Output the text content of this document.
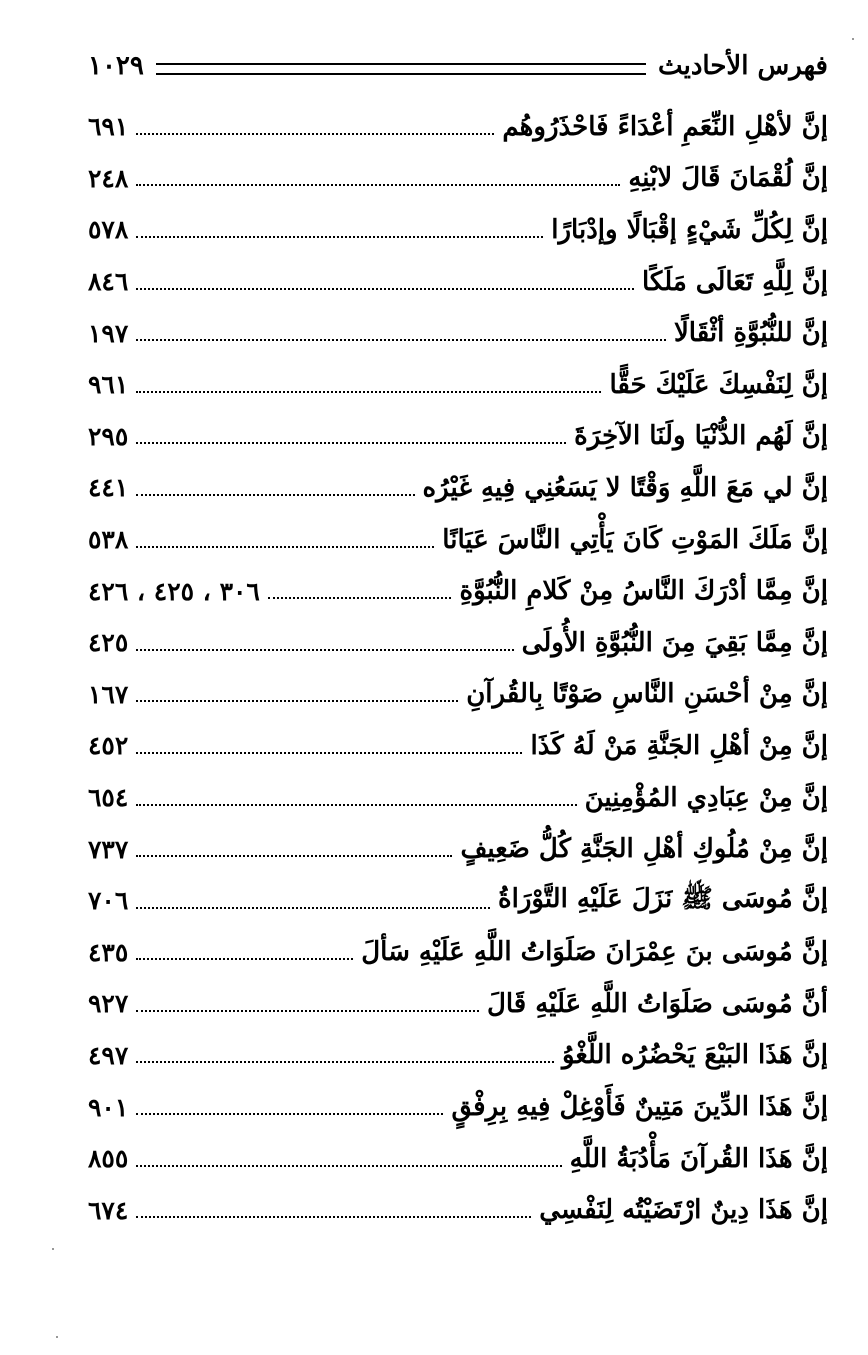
فهرس الأحاديث
١٠٢٩
إنَّ لأهْلِ النِّعَمِ أعْدَاءً فَاحْذَرُوهُم
٦٩١
إنَّ لُقْمَانَ قَالَ لابْنِهِ
٢٤٨
إنَّ لِكُلِّ شَيْءٍ إقْبَالًا وإدْبَارًا
٥٧٨
إنَّ لِلَّهِ تَعَالَى مَلَكًا
٨٤٦
إنَّ للنُّبُوَّةِ أثْقَالًا
١٩٧
إنَّ لِنَفْسِكَ عَلَيْكَ حَقًّا
٩٦١
إنَّ لَهُم الدُّنْيَا ولَنَا الآخِرَةَ
٢٩٥
إنَّ لي مَعَ اللَّهِ وَقْتًا لا يَسَعُنِي فِيهِ غَيْرُه
٤٤١
إنَّ مَلَكَ المَوْتِ كَانَ يَأْتِي النَّاسَ عَيَانًا
٥٣٨
إنَّ مِمَّا أدْرَكَ النَّاسُ مِنْ كَلامِ النُّبُوَّةِ
٣٠٦ ، ٤٢٥ ، ٤٢٦
إنَّ مِمَّا بَقِيَ مِنَ النُّبُوَّةِ الأُولَى
٤٢٥
إنَّ مِنْ أحْسَنِ النَّاسِ صَوْتًا بِالقُرآنِ
١٦٧
إنَّ مِنْ أهْلِ الجَنَّةِ مَنْ لَهُ كَذَا
٤٥٢
إنَّ مِنْ عِبَادِي المُؤْمِنِينَ
٦٥٤
إنَّ مِنْ مُلُوكِ أهْلِ الجَنَّةِ كُلُّ ضَعِيفٍ
٧٣٧
إنَّ مُوسَى ﷺ نَزَلَ عَلَيْهِ التَّوْرَاةُ
٧٠٦
إنَّ مُوسَى بنَ عِمْرَانَ صَلَوَاتُ اللَّهِ عَلَيْهِ سَألَ
٤٣٥
أنَّ مُوسَى صَلَوَاتُ اللَّهِ عَلَيْهِ قَالَ
٩٢٧
إنَّ هَذَا البَيْعَ يَحْضُرُه اللَّغْوُ
٤٩٧
إنَّ هَذَا الدِّينَ مَتِينٌ فَأَوْغِلْ فِيهِ بِرِفْقٍ
٩٠١
إنَّ هَذَا القُرآنَ مَأْدُبَةُ اللَّهِ
٨٥٥
إنَّ هَذَا دِينٌ ارْتَضَيْتُه لِنَفْسِي
٦٧٤
